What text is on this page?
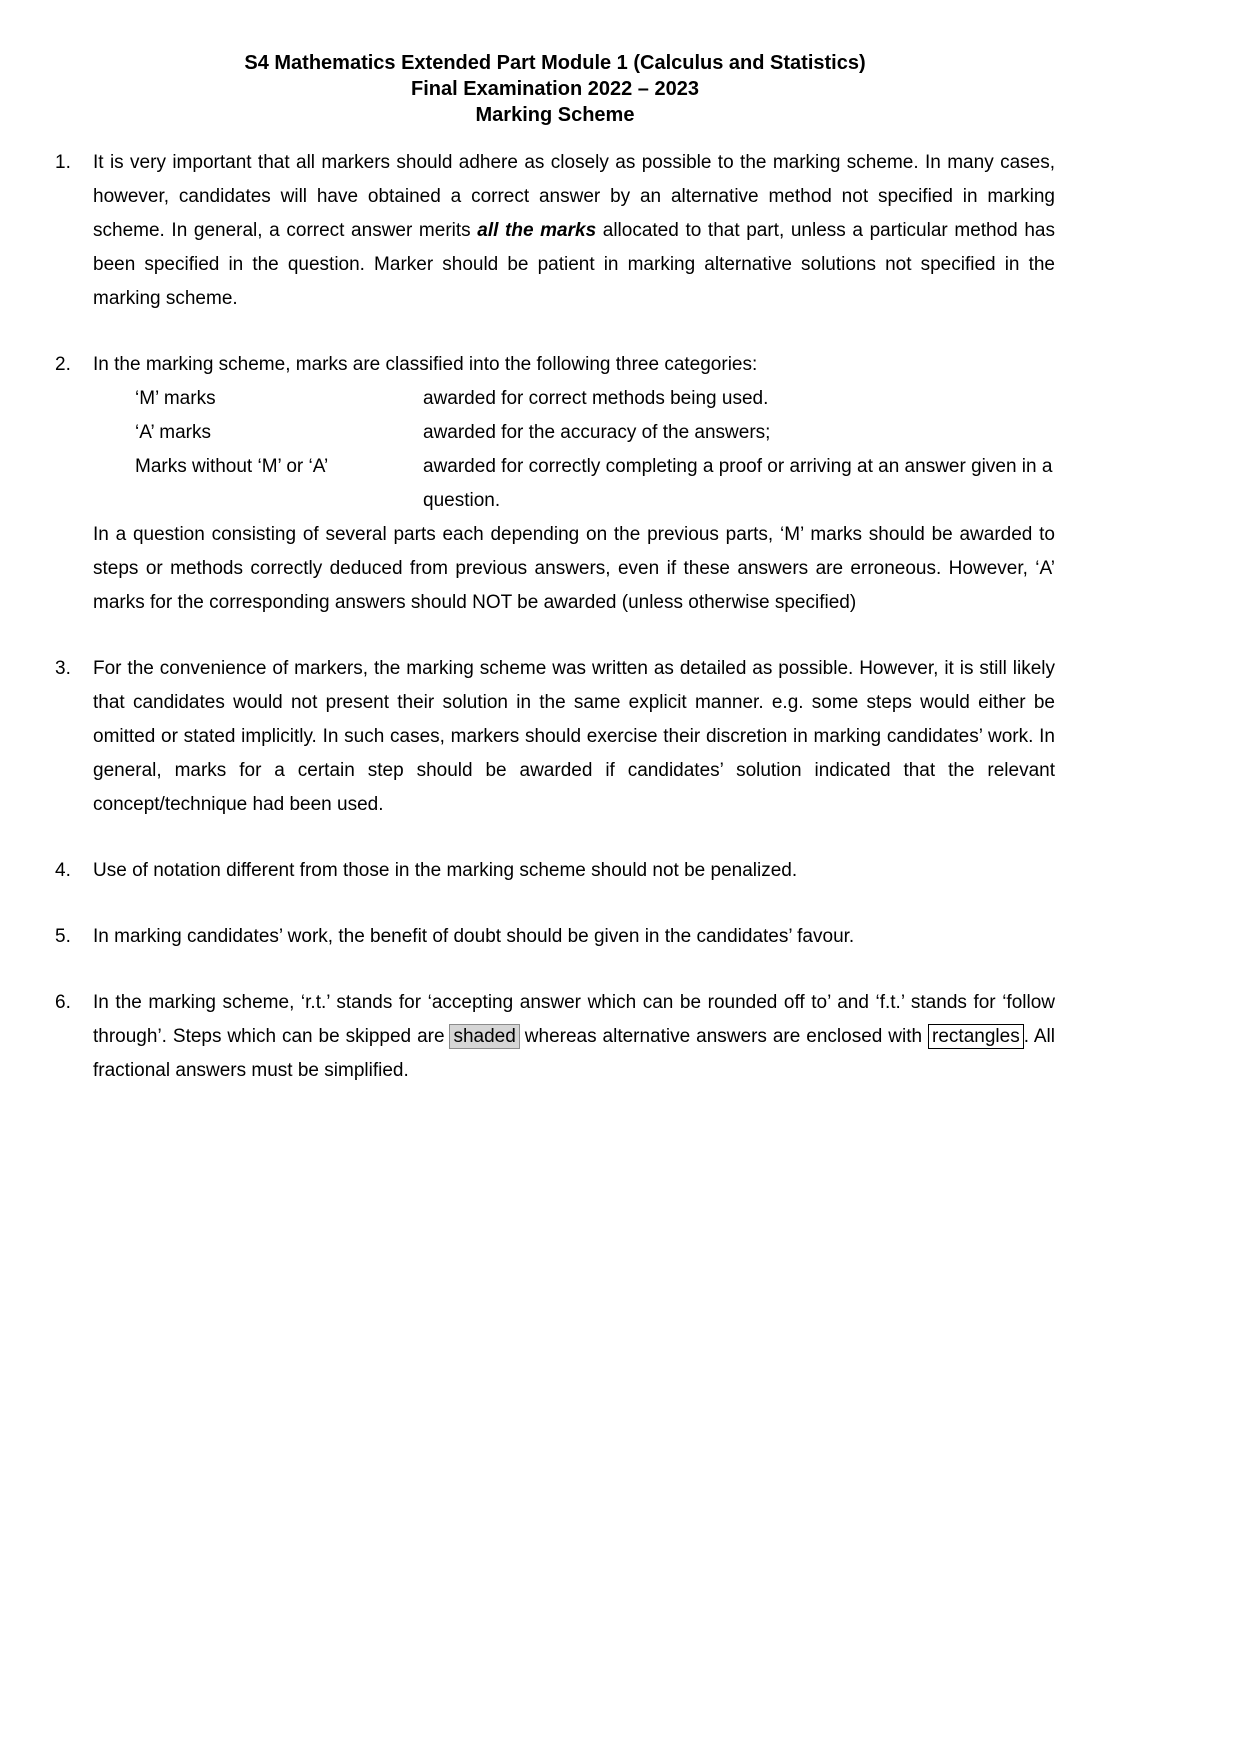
S4 Mathematics Extended Part Module 1 (Calculus and Statistics)
Final Examination 2022 – 2023
Marking Scheme
1.	It is very important that all markers should adhere as closely as possible to the marking scheme. In many cases, however, candidates will have obtained a correct answer by an alternative method not specified in marking scheme. In general, a correct answer merits all the marks allocated to that part, unless a particular method has been specified in the question. Marker should be patient in marking alternative solutions not specified in the marking scheme.
2.	In the marking scheme, marks are classified into the following three categories:
‘M’ marks	awarded for correct methods being used.
‘A’ marks	awarded for the accuracy of the answers;
Marks without ‘M’ or ‘A’	awarded for correctly completing a proof or arriving at an answer given in a question.
In a question consisting of several parts each depending on the previous parts, ‘M’ marks should be awarded to steps or methods correctly deduced from previous answers, even if these answers are erroneous. However, ‘A’ marks for the corresponding answers should NOT be awarded (unless otherwise specified)
3.	For the convenience of markers, the marking scheme was written as detailed as possible. However, it is still likely that candidates would not present their solution in the same explicit manner. e.g. some steps would either be omitted or stated implicitly. In such cases, markers should exercise their discretion in marking candidates’ work. In general, marks for a certain step should be awarded if candidates’ solution indicated that the relevant concept/technique had been used.
4.	Use of notation different from those in the marking scheme should not be penalized.
5.	In marking candidates’ work, the benefit of doubt should be given in the candidates’ favour.
6.	In the marking scheme, ‘r.t.’ stands for ‘accepting answer which can be rounded off to’ and ‘f.t.’ stands for ‘follow through’. Steps which can be skipped are shaded whereas alternative answers are enclosed with rectangles . All fractional answers must be simplified.
